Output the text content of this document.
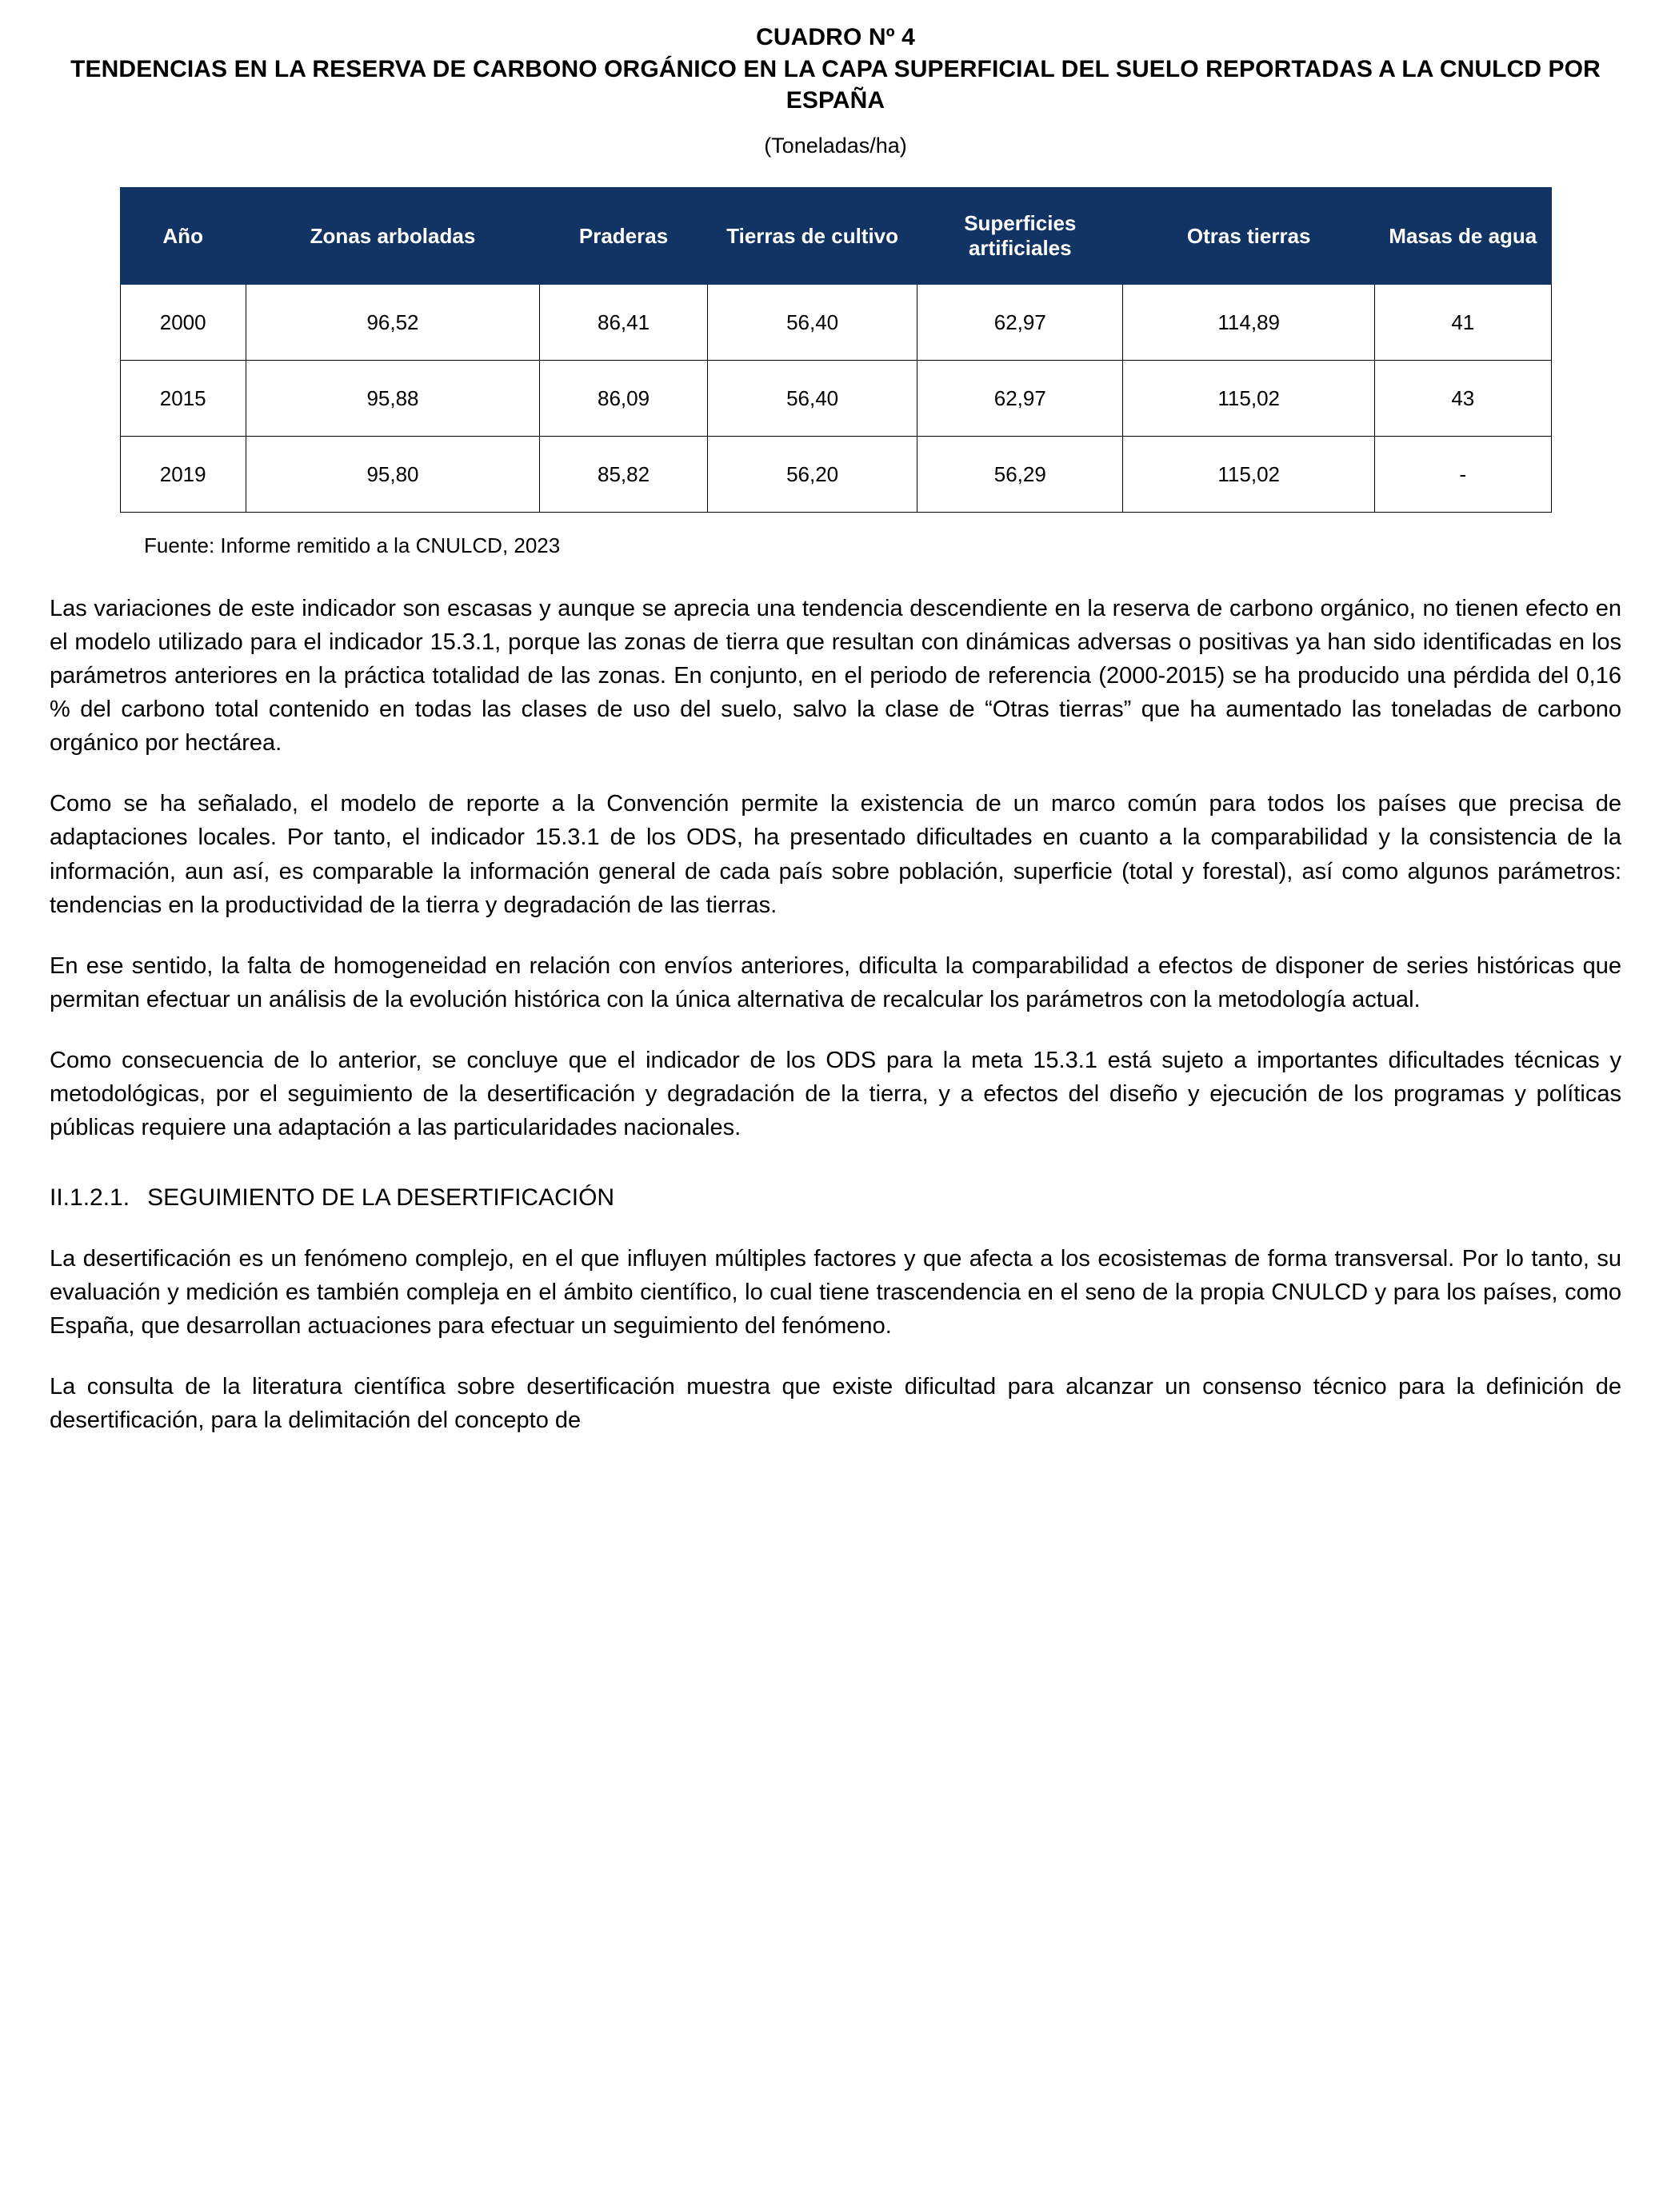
CUADRO Nº 4
TENDENCIAS EN LA RESERVA DE CARBONO ORGÁNICO EN LA CAPA SUPERFICIAL DEL SUELO REPORTADAS A LA CNULCD POR ESPAÑA
(Toneladas/ha)
Año	Zonas arboladas	Praderas	Tierras de cultivo	Superficies artificiales	Otras tierras	Masas de agua
2000	96,52	86,41	56,40	62,97	114,89	41
2015	95,88	86,09	56,40	62,97	115,02	43
2019	95,80	85,82	56,20	56,29	115,02	-
Fuente: Informe remitido a la CNULCD, 2023

Las variaciones de este indicador son escasas y aunque se aprecia una tendencia descendiente en la reserva de carbono orgánico, no tienen efecto en el modelo utilizado para el indicador 15.3.1, porque las zonas de tierra que resultan con dinámicas adversas o positivas ya han sido identificadas en los parámetros anteriores en la práctica totalidad de las zonas. En conjunto, en el periodo de referencia (2000-2015) se ha producido una pérdida del 0,16 % del carbono total contenido en todas las clases de uso del suelo, salvo la clase de “Otras tierras” que ha aumentado las toneladas de carbono orgánico por hectárea.

Como se ha señalado, el modelo de reporte a la Convención permite la existencia de un marco común para todos los países que precisa de adaptaciones locales. Por tanto, el indicador 15.3.1 de los ODS, ha presentado dificultades en cuanto a la comparabilidad y la consistencia de la información, aun así, es comparable la información general de cada país sobre población, superficie (total y forestal), así como algunos parámetros: tendencias en la productividad de la tierra y degradación de las tierras.

En ese sentido, la falta de homogeneidad en relación con envíos anteriores, dificulta la comparabilidad a efectos de disponer de series históricas que permitan efectuar un análisis de la evolución histórica con la única alternativa de recalcular los parámetros con la metodología actual.

Como consecuencia de lo anterior, se concluye que el indicador de los ODS para la meta 15.3.1 está sujeto a importantes dificultades técnicas y metodológicas, por el seguimiento de la desertificación y degradación de la tierra, y a efectos del diseño y ejecución de los programas y políticas públicas requiere una adaptación a las particularidades nacionales.

II.1.2.1. SEGUIMIENTO DE LA DESERTIFICACIÓN

La desertificación es un fenómeno complejo, en el que influyen múltiples factores y que afecta a los ecosistemas de forma transversal. Por lo tanto, su evaluación y medición es también compleja en el ámbito científico, lo cual tiene trascendencia en el seno de la propia CNULCD y para los países, como España, que desarrollan actuaciones para efectuar un seguimiento del fenómeno.

La consulta de la literatura científica sobre desertificación muestra que existe dificultad para alcanzar un consenso técnico para la definición de desertificación, para la delimitación del concepto de
